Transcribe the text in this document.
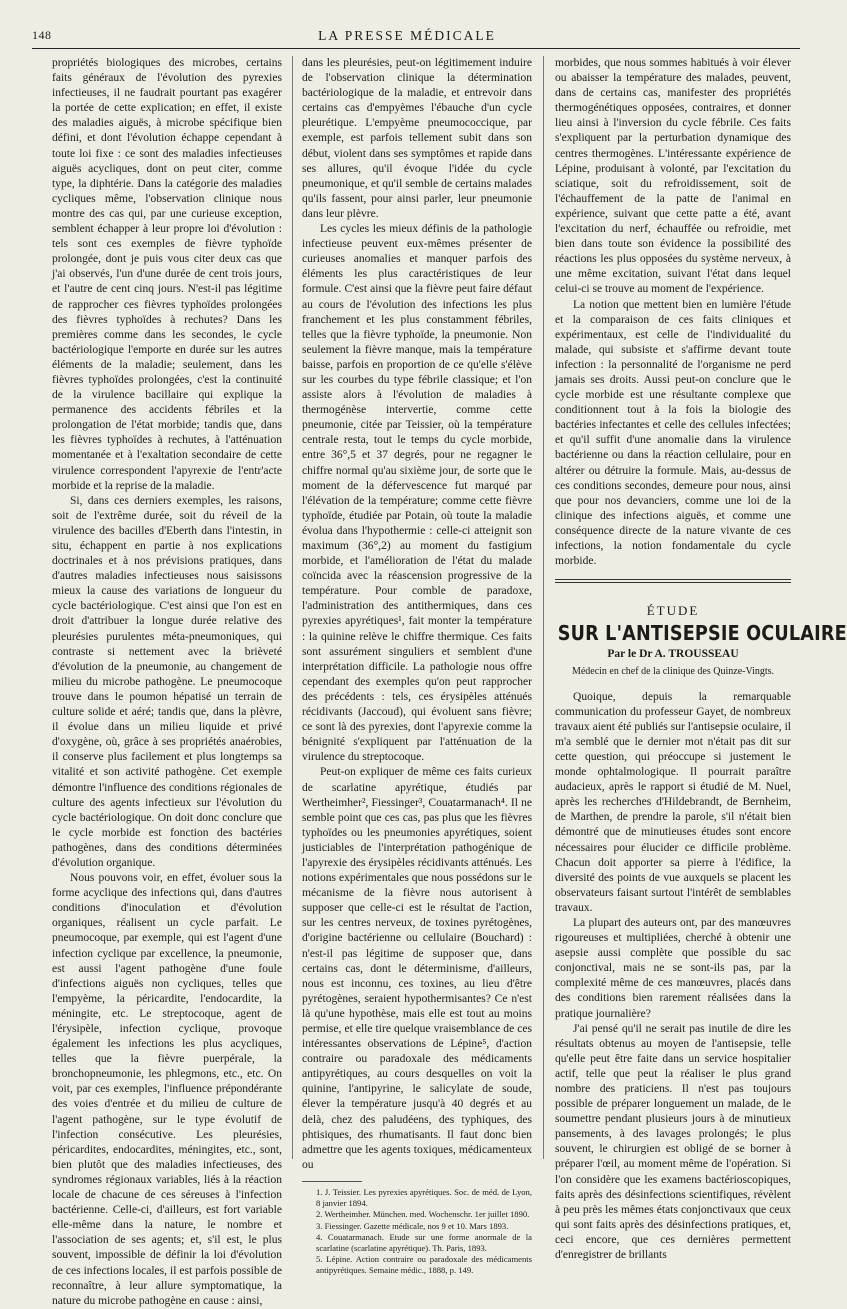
148	LA PRESSE MÉDICALE

propriétés biologiques des microbes, certains faits généraux de l'évolution des pyrexies infectieuses, il ne faudrait pourtant pas exagérer la portée de cette explication; en effet, il existe des maladies aiguës, à microbe spécifique bien défini, et dont l'évolution échappe cependant à toute loi fixe : ce sont des maladies infectieuses aiguës acycliques, dont on peut citer, comme type, la diphtérie. Dans la catégorie des maladies cycliques même, l'observation clinique nous montre des cas qui, par une curieuse exception, semblent échapper à leur propre loi d'évolution : tels sont ces exemples de fièvre typhoïde prolongée, dont je puis vous citer deux cas que j'ai observés, l'un d'une durée de cent trois jours, et l'autre de cent cinq jours. N'est-il pas légitime de rapprocher ces fièvres typhoïdes prolongées des fièvres typhoïdes à rechutes? Dans les premières comme dans les secondes, le cycle bactériologique l'emporte en durée sur les autres éléments de la maladie; seulement, dans les fièvres typhoïdes prolongées, c'est la continuité de la virulence bacillaire qui explique la permanence des accidents fébriles et la prolongation de l'état morbide; tandis que, dans les fièvres typhoïdes à rechutes, à l'atténuation momentanée et à l'exaltation secondaire de cette virulence correspondent l'apyrexie de l'entr'acte morbide et la reprise de la maladie.

Si, dans ces derniers exemples, les raisons, soit de l'extrême durée, soit du réveil de la virulence des bacilles d'Eberth dans l'intestin, in situ, échappent en partie à nos explications doctrinales et à nos prévisions pratiques, dans d'autres maladies infectieuses nous saisissons mieux la cause des variations de longueur du cycle bactériologique. C'est ainsi que l'on est en droit d'attribuer la longue durée relative des pleurésies purulentes méta-pneumoniques, qui contraste si nettement avec la brièveté d'évolution de la pneumonie, au changement de milieu du microbe pathogène. Le pneumocoque trouve dans le poumon hépatisé un terrain de culture solide et aéré; tandis que, dans la plèvre, il évolue dans un milieu liquide et privé d'oxygène, où, grâce à ses propriétés anaérobies, il conserve plus facilement et plus longtemps sa vitalité et son activité pathogène. Cet exemple démontre l'influence des conditions régionales de culture des agents infectieux sur l'évolution du cycle bactériologique. On doit donc conclure que le cycle morbide est fonction des bactéries pathogènes, dans des conditions déterminées d'évolution organique.

Nous pouvons voir, en effet, évoluer sous la forme acyclique des infections qui, dans d'autres conditions d'inoculation et d'évolution organiques, réalisent un cycle parfait. Le pneumocoque, par exemple, qui est l'agent d'une infection cyclique par excellence, la pneumonie, est aussi l'agent pathogène d'une foule d'infections aiguës non cycliques, telles que l'empyème, la péricardite, l'endocardite, la méningite, etc. Le streptocoque, agent de l'érysipèle, infection cyclique, provoque également les infections les plus acycliques, telles que la fièvre puerpérale, la bronchopneumonie, les phlegmons, etc., etc. On voit, par ces exemples, l'influence prépondérante des voies d'entrée et du milieu de culture de l'agent pathogène, sur le type évolutif de l'infection consécutive. Les pleurésies, péricardites, endocardites, méningites, etc., sont, bien plutôt que des maladies infectieuses, des syndromes régionaux variables, liés à la réaction locale de chacune de ces séreuses à l'infection bactérienne. Celle-ci, d'ailleurs, est fort variable elle-même dans la nature, le nombre et l'association de ses agents; et, s'il est, le plus souvent, impossible de définir la loi d'évolution de ces infections locales, il est parfois possible de reconnaître, à leur allure symptomatique, la nature du microbe pathogène en cause : ainsi,

dans les pleurésies, peut-on légitimement induire de l'observation clinique la détermination bactériologique de la maladie, et entrevoir dans certains cas d'empyèmes l'ébauche d'un cycle pleurétique. L'empyème pneumococcique, par exemple, est parfois tellement subit dans son début, violent dans ses symptômes et rapide dans ses allures, qu'il évoque l'idée du cycle pneumonique, et qu'il semble de certains malades qu'ils fassent, pour ainsi parler, leur pneumonie dans leur plèvre.

Les cycles les mieux définis de la pathologie infectieuse peuvent eux-mêmes présenter de curieuses anomalies et manquer parfois des éléments les plus caractéristiques de leur formule. C'est ainsi que la fièvre peut faire défaut au cours de l'évolution des infections les plus franchement et les plus constamment fébriles, telles que la fièvre typhoïde, la pneumonie. Non seulement la fièvre manque, mais la température baisse, parfois en proportion de ce qu'elle s'élève sur les courbes du type fébrile classique; et l'on assiste alors à l'évolution de maladies à thermogénèse intervertie, comme cette pneumonie, citée par Teissier, où la température centrale resta, tout le temps du cycle morbide, entre 36°,5 et 37 degrés, pour ne regagner le chiffre normal qu'au sixième jour, de sorte que le moment de la défervescence fut marqué par l'élévation de la température; comme cette fièvre typhoïde, étudiée par Potain, où toute la maladie évolua dans l'hypothermie : celle-ci atteignit son maximum (36°,2) au moment du fastigium morbide, et l'amélioration de l'état du malade coïncida avec la réascension progressive de la température. Pour comble de paradoxe, l'administration des antithermiques, dans ces pyrexies apyrétiques¹, fait monter la température : la quinine relève le chiffre thermique. Ces faits sont assurément singuliers et semblent d'une interprétation difficile. La pathologie nous offre cependant des exemples qu'on peut rapprocher des précédents : tels, ces érysipèles atténués récidivants (Jaccoud), qui évoluent sans fièvre; ce sont là des pyrexies, dont l'apyrexie comme la bénignité s'expliquent par l'atténuation de la virulence du streptocoque.

Peut-on expliquer de même ces faits curieux de scarlatine apyrétique, étudiés par Wertheimher², Fiessinger³, Couatarmanach⁴. Il ne semble point que ces cas, pas plus que les fièvres typhoïdes ou les pneumonies apyrétiques, soient justiciables de l'interprétation pathogénique de l'apyrexie des érysipèles récidivants atténués. Les notions expérimentales que nous possédons sur le mécanisme de la fièvre nous autorisent à supposer que celle-ci est le résultat de l'action, sur les centres nerveux, de toxines pyrétogènes, d'origine bactérienne ou cellulaire (Bouchard) : n'est-il pas légitime de supposer que, dans certains cas, dont le déterminisme, d'ailleurs, nous est inconnu, ces toxines, au lieu d'être pyrétogènes, seraient hypothermisantes? Ce n'est là qu'une hypothèse, mais elle est tout au moins permise, et elle tire quelque vraisemblance de ces intéressantes observations de Lépine⁵, d'action contraire ou paradoxale des médicaments antipyrétiques, au cours desquelles on voit la quinine, l'antipyrine, le salicylate de soude, élever la température jusqu'à 40 degrés et au delà, chez des paludéens, des typhiques, des phtisiques, des rhumatisants. Il faut donc bien admettre que les agents toxiques, médicamenteux ou

1. J. Teissier. Les pyrexies apyrétiques. Soc. de méd. de Lyon, 8 janvier 1894.

2. Wertheimher. München. med. Wochenschr. 1er juillet 1890.

3. Fiessinger. Gazette médicale, nos 9 et 10. Mars 1893.

4. Couatarmanach. Etude sur une forme anormale de la scarlatine (scarlatine apyrétique). Th. Paris, 1893.

5. Lépine. Action contraire ou paradoxale des médicaments antipyrétiques. Semaine médic., 1888, p. 149.

morbides, que nous sommes habitués à voir élever ou abaisser la température des malades, peuvent, dans de certains cas, manifester des propriétés thermogénétiques opposées, contraires, et donner lieu ainsi à l'inversion du cycle fébrile. Ces faits s'expliquent par la perturbation dynamique des centres thermogènes. L'intéressante expérience de Lépine, produisant à volonté, par l'excitation du sciatique, soit du refroidissement, soit de l'échauffement de la patte de l'animal en expérience, suivant que cette patte a été, avant l'excitation du nerf, échauffée ou refroidie, met bien dans toute son évidence la possibilité des réactions les plus opposées du système nerveux, à une même excitation, suivant l'état dans lequel celui-ci se trouve au moment de l'expérience.

La notion que mettent bien en lumière l'étude et la comparaison de ces faits cliniques et expérimentaux, est celle de l'individualité du malade, qui subsiste et s'affirme devant toute infection : la personnalité de l'organisme ne perd jamais ses droits. Aussi peut-on conclure que le cycle morbide est une résultante complexe que conditionnent tout à la fois la biologie des bactéries infectantes et celle des cellules infectées; et qu'il suffit d'une anomalie dans la virulence bactérienne ou dans la réaction cellulaire, pour en altérer ou détruire la formule. Mais, au-dessus de ces conditions secondes, demeure pour nous, ainsi que pour nos devanciers, comme une loi de la clinique des infections aiguës, et comme une conséquence directe de la nature vivante de ces infections, la notion fondamentale du cycle morbide.

ÉTUDE
SUR L'ANTISEPSIE OCULAIRE
Par le Dr A. TROUSSEAU
Médecin en chef de la clinique des Quinze-Vingts.

Quoique, depuis la remarquable communication du professeur Gayet, de nombreux travaux aient été publiés sur l'antisepsie oculaire, il m'a semblé que le dernier mot n'était pas dit sur cette question, qui préoccupe si justement le monde ophtalmologique. Il pourrait paraître audacieux, après le rapport si étudié de M. Nuel, après les recherches d'Hildebrandt, de Bernheim, de Marthen, de prendre la parole, s'il n'était bien démontré que de minutieuses études sont encore nécessaires pour élucider ce difficile problème. Chacun doit apporter sa pierre à l'édifice, la diversité des points de vue auxquels se placent les observateurs faisant surtout l'intérêt de semblables travaux.

La plupart des auteurs ont, par des manœuvres rigoureuses et multipliées, cherché à obtenir une asepsie aussi complète que possible du sac conjonctival, mais ne se sont-ils pas, par la complexité même de ces manœuvres, placés dans des conditions bien rarement réalisées dans la pratique journalière?

J'ai pensé qu'il ne serait pas inutile de dire les résultats obtenus au moyen de l'antisepsie, telle qu'elle peut être faite dans un service hospitalier actif, telle que peut la réaliser le plus grand nombre des praticiens. Il n'est pas toujours possible de préparer longuement un malade, de le soumettre pendant plusieurs jours à de minutieux pansements, à des lavages prolongés; le plus souvent, le chirurgien est obligé de se borner à préparer l'œil, au moment même de l'opération. Si l'on considère que les examens bactérioscopiques, faits après des désinfections scientifiques, révèlent à peu près les mêmes états conjonctivaux que ceux qui sont faits après des désinfections pratiques, et, ceci encore, que ces dernières permettent d'enregistrer de brillants
